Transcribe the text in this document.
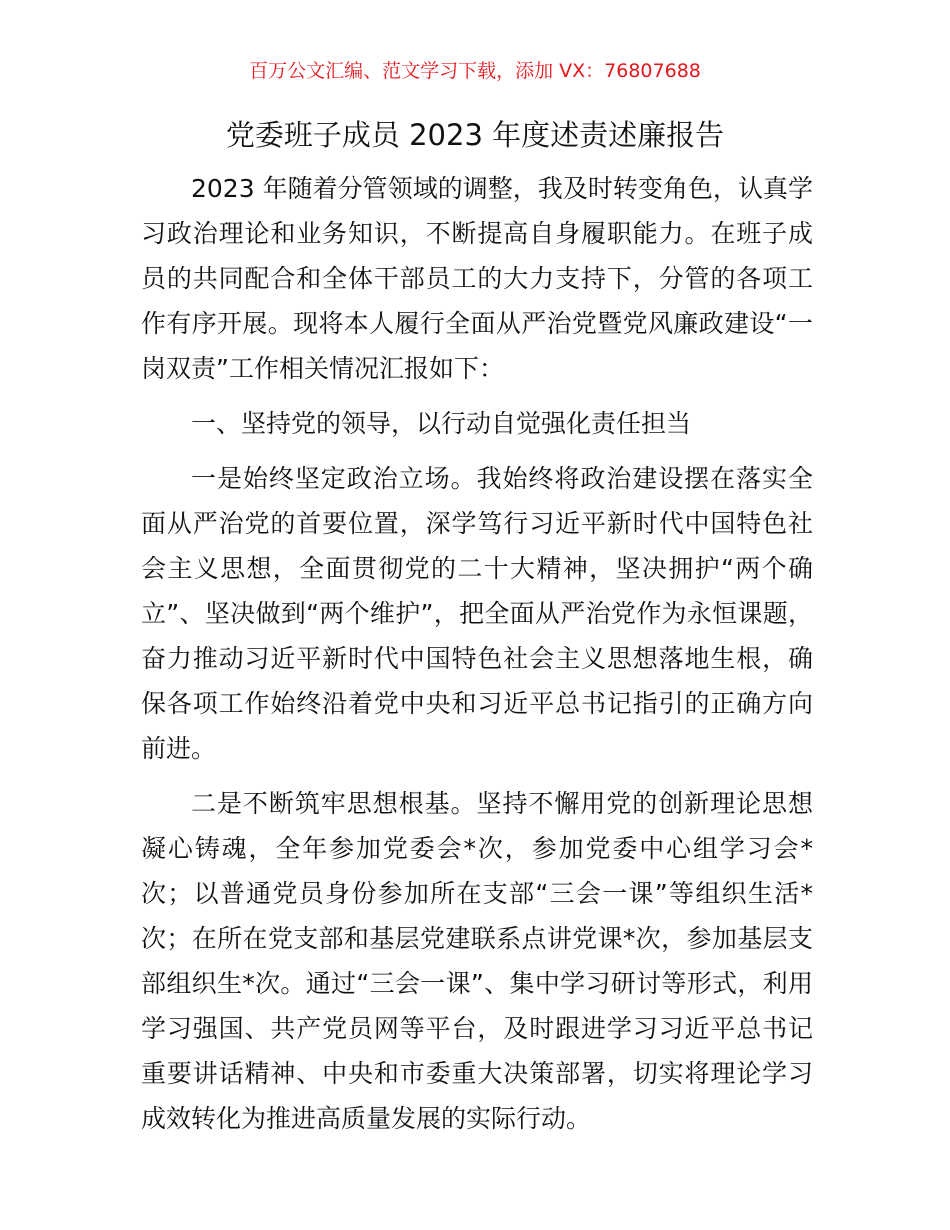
百万公文汇编、范文学习下载，添加 VX：76807688
党委班子成员 2023 年度述责述廉报告

2023 年随着分管领域的调整，我及时转变角色，认真学习政治理论和业务知识，不断提高自身履职能力。在班子成员的共同配合和全体干部员工的大力支持下，分管的各项工作有序开展。现将本人履行全面从严治党暨党风廉政建设“一岗双责”工作相关情况汇报如下：

一、坚持党的领导，以行动自觉强化责任担当

一是始终坚定政治立场。我始终将政治建设摆在落实全面从严治党的首要位置，深学笃行习近平新时代中国特色社会主义思想，全面贯彻党的二十大精神，坚决拥护“两个确立”、坚决做到“两个维护”，把全面从严治党作为永恒课题，奋力推动习近平新时代中国特色社会主义思想落地生根，确保各项工作始终沿着党中央和习近平总书记指引的正确方向前进。

二是不断筑牢思想根基。坚持不懈用党的创新理论思想凝心铸魂，全年参加党委会*次，参加党委中心组学习会*次；以普通党员身份参加所在支部“三会一课”等组织生活*次；在所在党支部和基层党建联系点讲党课*次，参加基层支部组织生*次。通过“三会一课”、集中学习研讨等形式，利用学习强国、共产党员网等平台，及时跟进学习习近平总书记重要讲话精神、中央和市委重大决策部署，切实将理论学习成效转化为推进高质量发展的实际行动。
